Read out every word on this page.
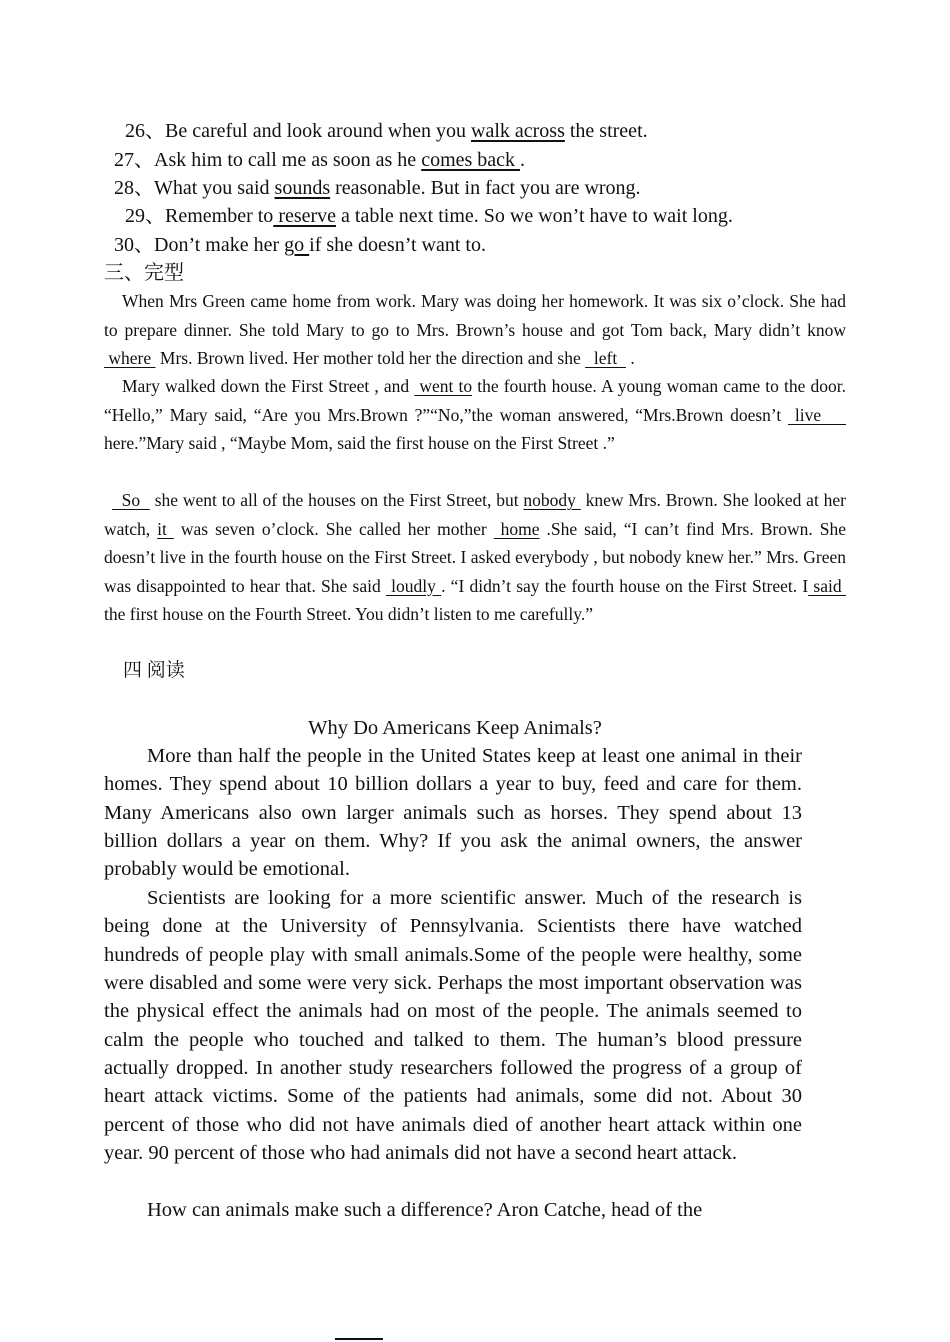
26、Be careful and look around when you walk across the street.
27、Ask him to call me as soon as he comes back .
28、What you said sounds reasonable. But in fact you are wrong.
29、Remember to reserve a table next time. So we won’t have to wait long.
30、Don’t make her go if she doesn’t want to.
三、完型
When Mrs Green came home from work. Mary was doing her homework. It was six o’clock. She had to prepare dinner. She told Mary to go to Mrs. Brown’s house and got Tom back, Mary didn’t know  where  Mrs. Brown lived. Her mother told her the direction and she   left   .
Mary walked down the First Street , and  went to the fourth house. A young woman came to the door. “Hello,” Mary said, “Are you Mrs.Brown ?”“No,”the woman answered, “Mrs.Brown doesn’t  live     here.”Mary said , “Maybe Mom, said the first house on the First Street .”
So   she went to all of the houses on the First Street, but nobody  knew Mrs. Brown. She looked at her watch, it  was seven o’clock. She called her mother  home .She said, “I can’t find Mrs. Brown. She doesn’t live in the fourth house on the First Street. I asked everybody , but nobody knew her.” Mrs. Green was disappointed to hear that. She said  loudly . “I didn’t say the fourth house on the First Street. I said  the first house on the Fourth Street. You didn’t listen to me carefully.”
四 阅读
Why Do Americans Keep Animals?
More than half the people in the United States keep at least one animal in their homes. They spend about 10 billion dollars a year to buy, feed and care for them. Many Americans also own larger animals such as horses. They spend about 13 billion dollars a year on them. Why? If you ask the animal owners, the answer probably would be emotional.
Scientists are looking for a more scientific answer. Much of the research is being done at the University of Pennsylvania. Scientists there have watched hundreds of people play with small animals.Some of the people were healthy, some were disabled and some were very sick. Perhaps the most important observation was the physical effect the animals had on most of the people. The animals seemed to calm the people who touched and talked to them. The human’s blood pressure actually dropped. In another study researchers followed the progress of a group of heart attack victims. Some of the patients had animals, some did not. About 30 percent of those who did not have animals died of another heart attack within one year. 90 percent of those who had animals did not have a second heart attack.
How can animals make such a difference? Aron Catche, head of the
